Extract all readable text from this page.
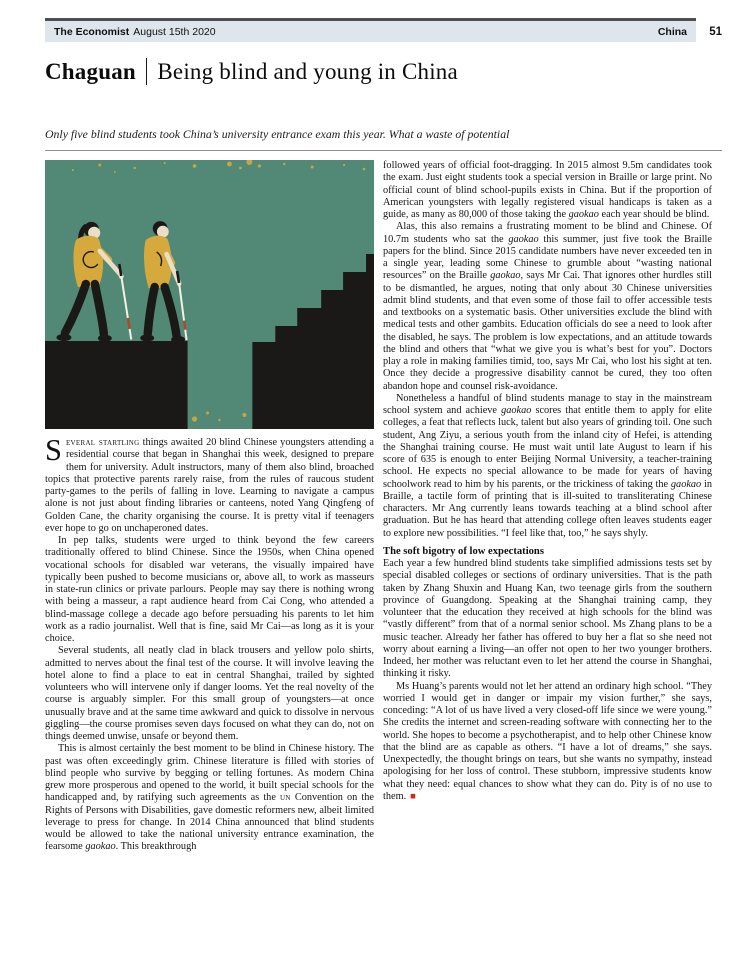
The Economist August 15th 2020	China	51
Chaguan Being blind and young in China
Only five blind students took China’s university entrance exam this year. What a waste of potential

Several startling things awaited 20 blind Chinese youngsters attending a residential course that began in Shanghai this week, designed to prepare them for university. Adult instructors, many of them also blind, broached topics that protective parents rarely raise, from the rules of raucous student party-games to the perils of falling in love. Learning to navigate a campus alone is not just about finding libraries or canteens, noted Yang Qingfeng of Golden Cane, the charity organising the course. It is pretty vital if teenagers ever hope to go on unchaperoned dates.

In pep talks, students were urged to think beyond the few careers traditionally offered to blind Chinese. Since the 1950s, when China opened vocational schools for disabled war veterans, the visually impaired have typically been pushed to become musicians or, above all, to work as masseurs in state-run clinics or private parlours. People may say there is nothing wrong with being a masseur, a rapt audience heard from Cai Cong, who attended a blind-massage college a decade ago before persuading his parents to let him work as a radio journalist. Well that is fine, said Mr Cai—as long as it is your choice.

Several students, all neatly clad in black trousers and yellow polo shirts, admitted to nerves about the final test of the course. It will involve leaving the hotel alone to find a place to eat in central Shanghai, trailed by sighted volunteers who will intervene only if danger looms. Yet the real novelty of the course is arguably simpler. For this small group of youngsters—at once unusually brave and at the same time awkward and quick to dissolve in nervous giggling—the course promises seven days focused on what they can do, not on things deemed unwise, unsafe or beyond them.

This is almost certainly the best moment to be blind in Chinese history. The past was often exceedingly grim. Chinese literature is filled with stories of blind people who survive by begging or telling fortunes. As modern China grew more prosperous and opened to the world, it built special schools for the handicapped and, by ratifying such agreements as the un Convention on the Rights of Persons with Disabilities, gave domestic reformers new, albeit limited leverage to press for change. In 2014 China announced that blind students would be allowed to take the national university entrance examination, the fearsome gaokao. This breakthrough

followed years of official foot-dragging. In 2015 almost 9.5m candidates took the exam. Just eight students took a special version in Braille or large print. No official count of blind school-pupils exists in China. But if the proportion of American youngsters with legally registered visual handicaps is taken as a guide, as many as 80,000 of those taking the gaokao each year should be blind.

Alas, this also remains a frustrating moment to be blind and Chinese. Of 10.7m students who sat the gaokao this summer, just five took the Braille papers for the blind. Since 2015 candidate numbers have never exceeded ten in a single year, leading some Chinese to grumble about “wasting national resources” on the Braille gaokao, says Mr Cai. That ignores other hurdles still to be dismantled, he argues, noting that only about 30 Chinese universities admit blind students, and that even some of those fail to offer accessible tests and textbooks on a systematic basis. Other universities exclude the blind with medical tests and other gambits. Education officials do see a need to look after the disabled, he says. The problem is low expectations, and an attitude towards the blind and others that “what we give you is what’s best for you”. Doctors play a role in making families timid, too, says Mr Cai, who lost his sight at ten. Once they decide a progressive disability cannot be cured, they too often abandon hope and counsel risk-avoidance.

Nonetheless a handful of blind students manage to stay in the mainstream school system and achieve gaokao scores that entitle them to apply for elite colleges, a feat that reflects luck, talent but also years of grinding toil. One such student, Ang Ziyu, a serious youth from the inland city of Hefei, is attending the Shanghai training course. He must wait until late August to learn if his score of 635 is enough to enter Beijing Normal University, a teacher-training school. He expects no special allowance to be made for years of having schoolwork read to him by his parents, or the trickiness of taking the gaokao in Braille, a tactile form of printing that is ill-suited to transliterating Chinese characters. Mr Ang currently leans towards teaching at a blind school after graduation. But he has heard that attending college often leaves students eager to explore new possibilities. “I feel like that, too,” he says shyly.

The soft bigotry of low expectations

Each year a few hundred blind students take simplified admissions tests set by special disabled colleges or sections of ordinary universities. That is the path taken by Zhang Shuxin and Huang Kan, two teenage girls from the southern province of Guangdong. Speaking at the Shanghai training camp, they volunteer that the education they received at high schools for the blind was “vastly different” from that of a normal senior school. Ms Zhang plans to be a music teacher. Already her father has offered to buy her a flat so she need not worry about earning a living—an offer not open to her two younger brothers. Indeed, her mother was reluctant even to let her attend the course in Shanghai, thinking it risky.

Ms Huang’s parents would not let her attend an ordinary high school. “They worried I would get in danger or impair my vision further,” she says, conceding: “A lot of us have lived a very closed-off life since we were young.” She credits the internet and screen-reading software with connecting her to the world. She hopes to become a psychotherapist, and to help other Chinese know that the blind are as capable as others. “I have a lot of dreams,” she says. Unexpectedly, the thought brings on tears, but she wants no sympathy, instead apologising for her loss of control. These stubborn, impressive students know what they need: equal chances to show what they can do. Pity is of no use to them. ■
